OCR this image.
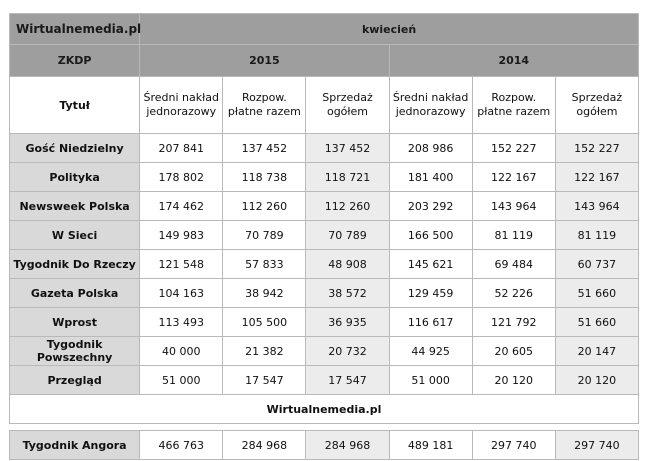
Wirtualnemedia.pl	kwiecień					
ZKDP	2015			2014		
Tytuł	Średni nakład jednorazowy	Rozpow. płatne razem	Sprzedaż ogółem	Średni nakład jednorazowy	Rozpow. płatne razem	Sprzedaż ogółem
Gość Niedzielny	207 841	137 452	137 452	208 986	152 227	152 227
Polityka	178 802	118 738	118 721	181 400	122 167	122 167
Newsweek Polska	174 462	112 260	112 260	203 292	143 964	143 964
W Sieci	149 983	70 789	70 789	166 500	81 119	81 119
Tygodnik Do Rzeczy	121 548	57 833	48 908	145 621	69 484	60 737
Gazeta Polska	104 163	38 942	38 572	129 459	52 226	51 660
Wprost	113 493	105 500	36 935	116 617	121 792	51 660
Tygodnik Powszechny	40 000	21 382	20 732	44 925	20 605	20 147
Przegląd	51 000	17 547	17 547	51 000	20 120	20 120
Wirtualnemedia.pl						

Tygodnik Angora	466 763	284 968	284 968	489 181	297 740	297 740
